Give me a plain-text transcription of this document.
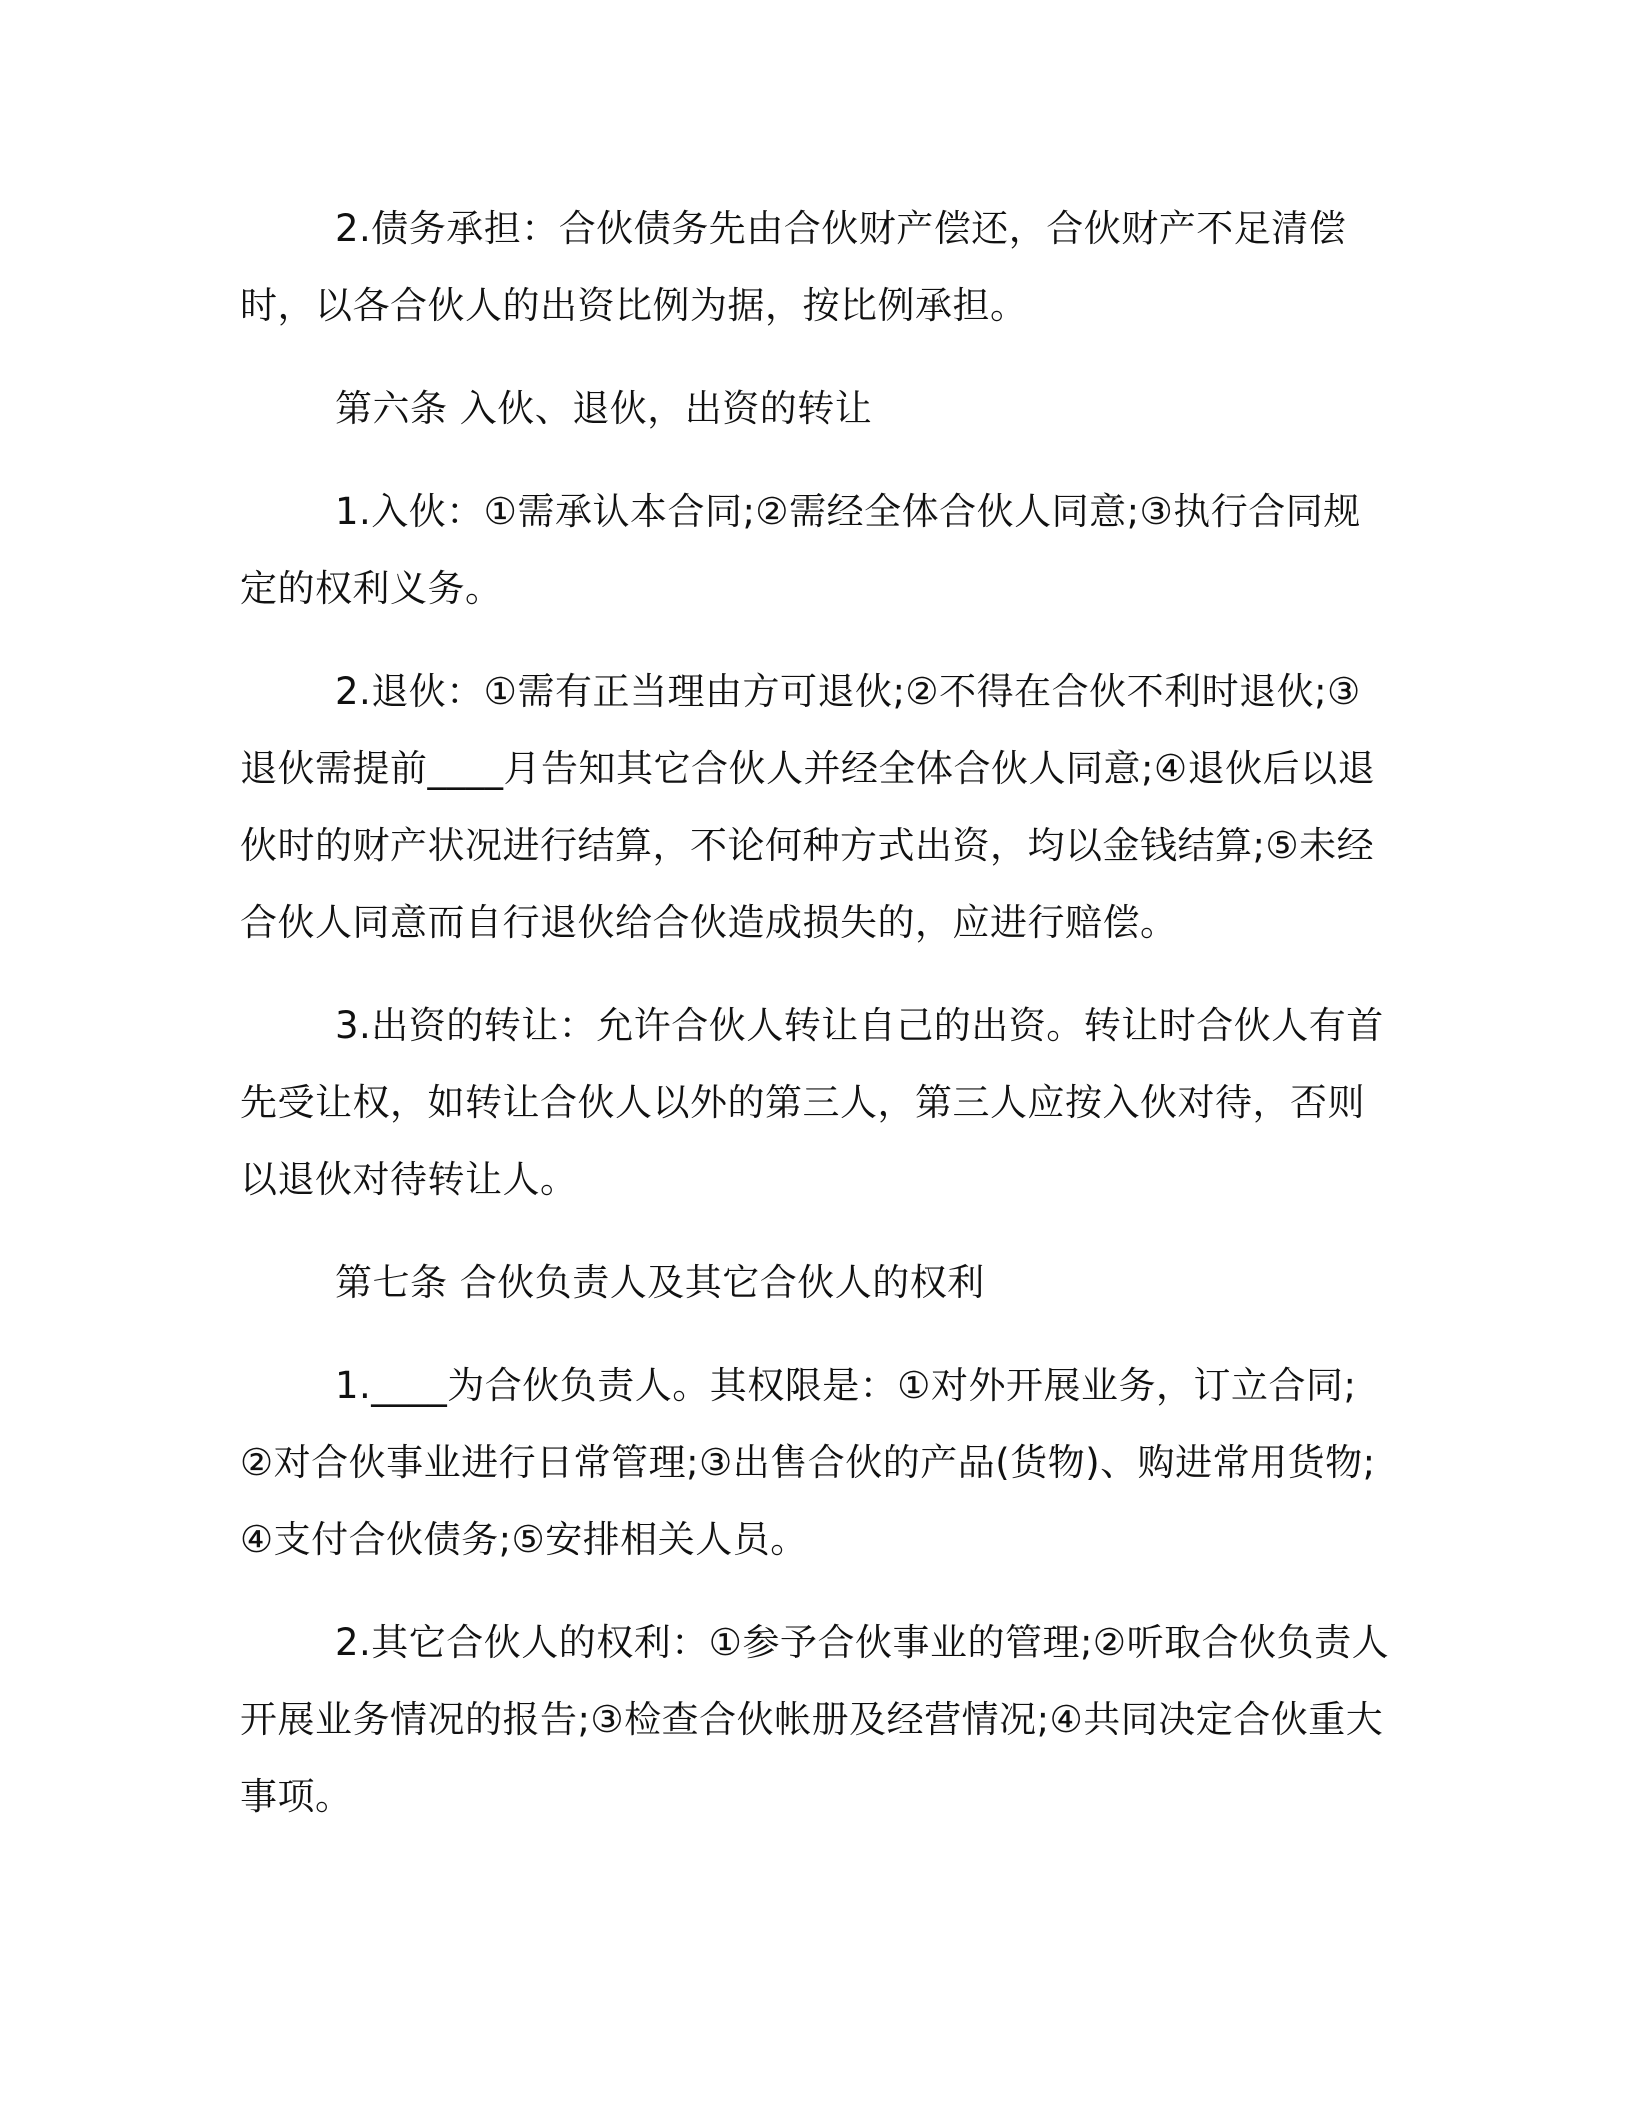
2.债务承担：合伙债务先由合伙财产偿还，合伙财产不足清偿时，以各合伙人的出资比例为据，按比例承担。

第六条 入伙、退伙，出资的转让

1.入伙：①需承认本合同;②需经全体合伙人同意;③执行合同规定的权利义务。

2.退伙：①需有正当理由方可退伙;②不得在合伙不利时退伙;③退伙需提前____月告知其它合伙人并经全体合伙人同意;④退伙后以退伙时的财产状况进行结算，不论何种方式出资，均以金钱结算;⑤未经合伙人同意而自行退伙给合伙造成损失的，应进行赔偿。

3.出资的转让：允许合伙人转让自己的出资。转让时合伙人有首先受让权，如转让合伙人以外的第三人，第三人应按入伙对待，否则以退伙对待转让人。

第七条 合伙负责人及其它合伙人的权利

1.____为合伙负责人。其权限是：①对外开展业务，订立合同;②对合伙事业进行日常管理;③出售合伙的产品(货物)、购进常用货物;④支付合伙债务;⑤安排相关人员。

2.其它合伙人的权利：①参予合伙事业的管理;②听取合伙负责人开展业务情况的报告;③检查合伙帐册及经营情况;④共同决定合伙重大事项。
